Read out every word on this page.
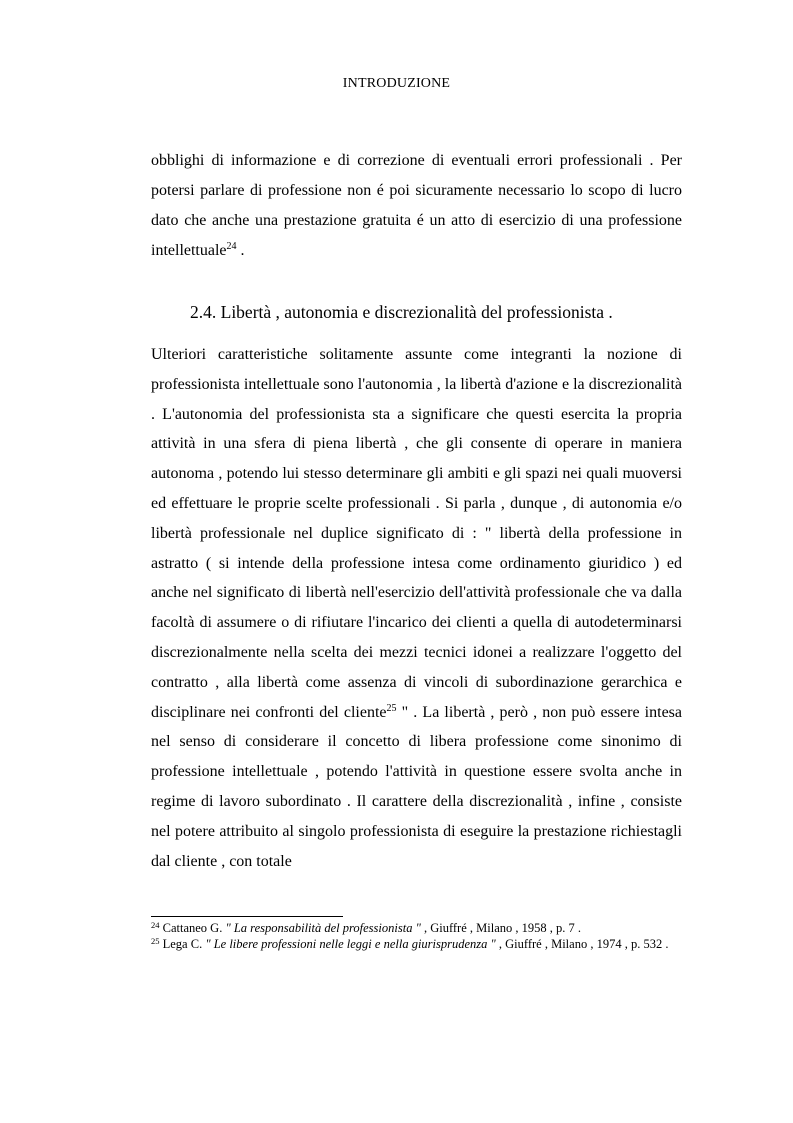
INTRODUZIONE

obblighi di informazione e di correzione di eventuali errori professionali . Per potersi parlare di professione non é poi sicuramente necessario lo scopo di lucro dato che anche una prestazione gratuita é un atto di esercizio di una professione intellettuale$^{24}$ .

2.4. Libertà , autonomia e discrezionalità del professionista .

Ulteriori caratteristiche solitamente assunte come integranti la nozione di professionista intellettuale sono l'autonomia , la libertà d'azione e la discrezionalità . L'autonomia del professionista sta a significare che questi esercita la propria attività in una sfera di piena libertà , che gli consente di operare in maniera autonoma , potendo lui stesso determinare gli ambiti e gli spazi nei quali muoversi ed effettuare le proprie scelte professionali . Si parla , dunque , di autonomia e/o libertà professionale nel duplice significato di : " libertà della professione in astratto ( si intende della professione intesa come ordinamento giuridico ) ed anche nel significato di libertà nell'esercizio dell'attività professionale che va dalla facoltà di assumere o di rifiutare l'incarico dei clienti a quella di autodeterminarsi discrezionalmente nella scelta dei mezzi tecnici idonei a realizzare l'oggetto del contratto , alla libertà come assenza di vincoli di subordinazione gerarchica e disciplinare nei confronti del cliente$^{25}$ " . La libertà , però , non può essere intesa nel senso di considerare il concetto di libera professione come sinonimo di professione intellettuale , potendo l'attività in questione essere svolta anche in regime di lavoro subordinato . Il carattere della discrezionalità , infine , consiste nel potere attribuito al singolo professionista di eseguire la prestazione richiestagli dal cliente , con totale

$^{24}$ Cattaneo G. " La responsabilità del professionista " , Giuffré , Milano , 1958 , p. 7 .

$^{25}$ Lega C. " Le libere professioni nelle leggi e nella giurisprudenza " , Giuffré , Milano , 1974 , p. 532 .
